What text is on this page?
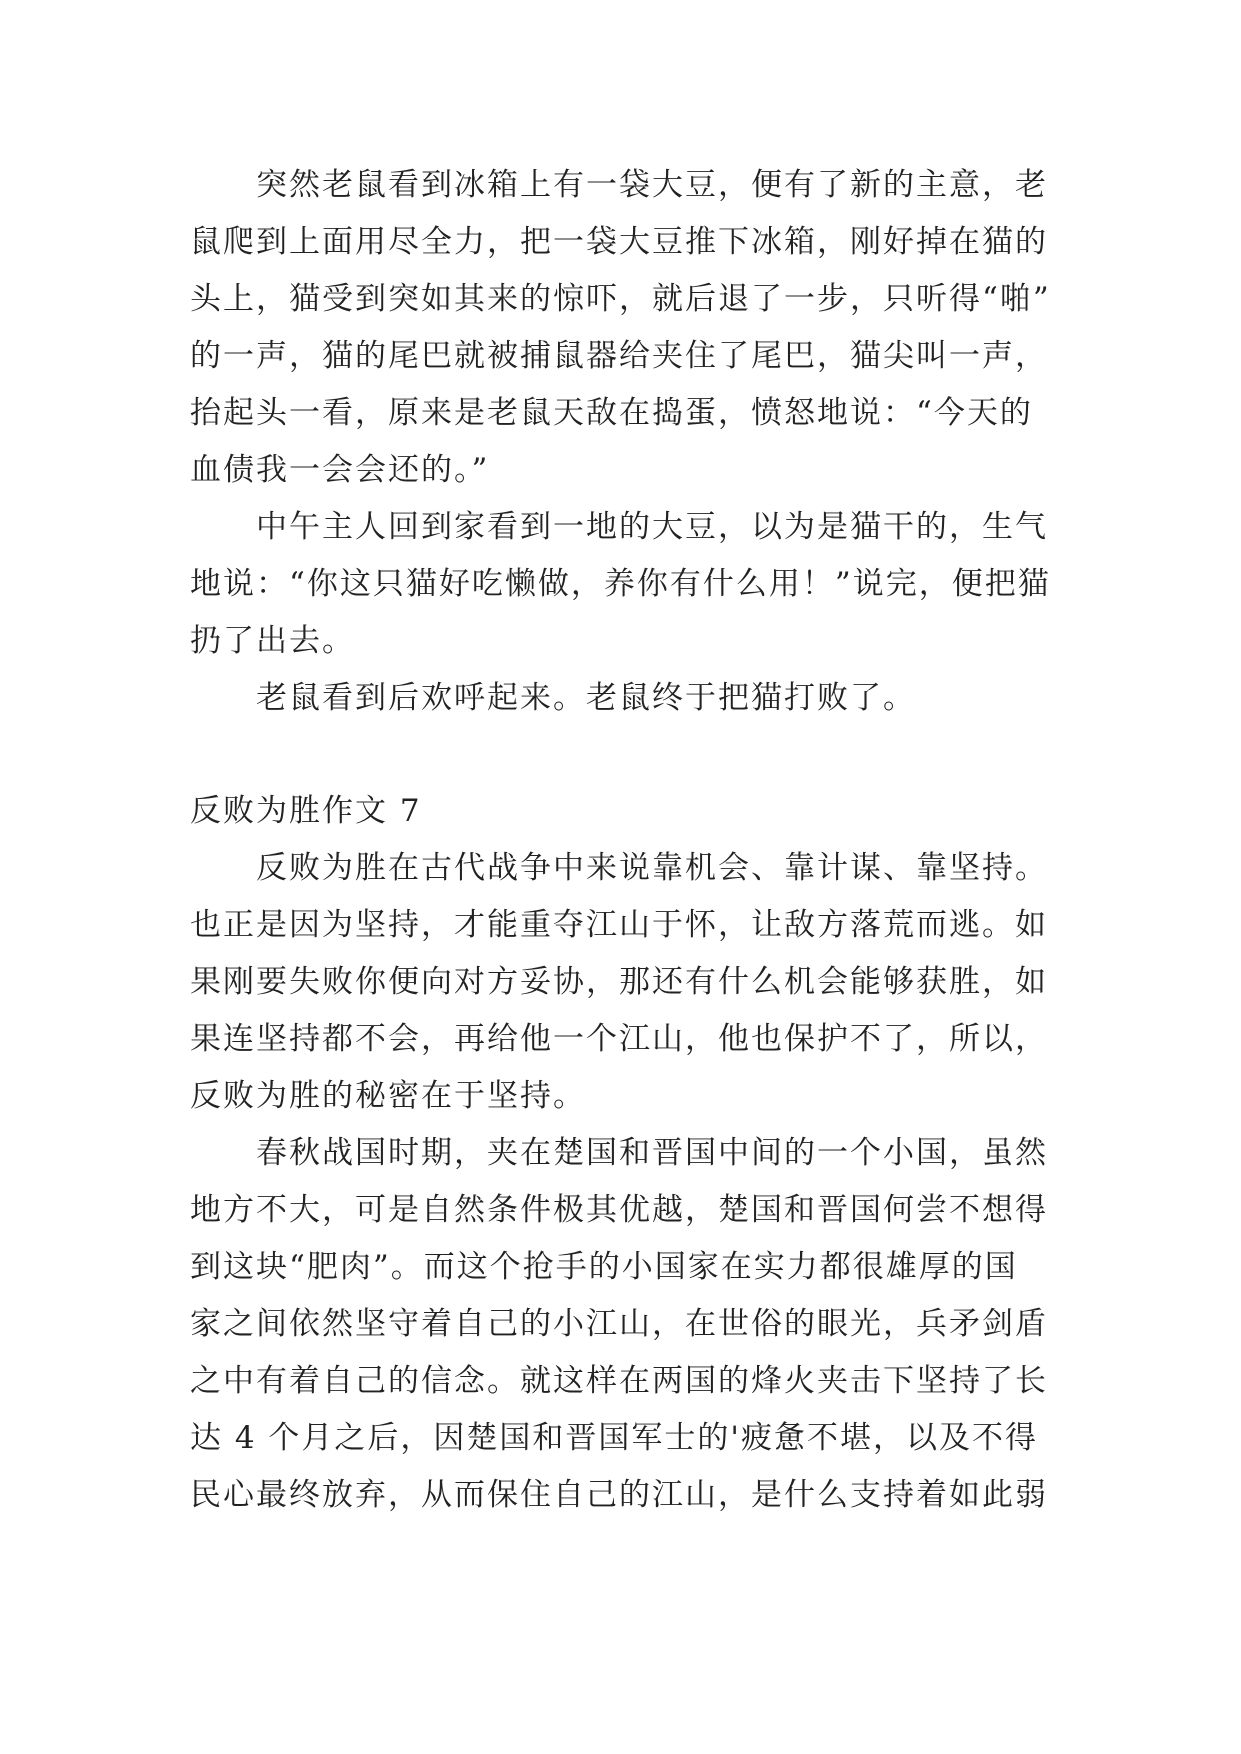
突然老鼠看到冰箱上有一袋大豆，便有了新的主意，老
鼠爬到上面用尽全力，把一袋大豆推下冰箱，刚好掉在猫的
头上，猫受到突如其来的惊吓，就后退了一步，只听得“啪”
的一声，猫的尾巴就被捕鼠器给夹住了尾巴，猫尖叫一声，
抬起头一看，原来是老鼠天敌在捣蛋，愤怒地说：“今天的
血债我一会会还的。”
中午主人回到家看到一地的大豆，以为是猫干的，生气
地说：“你这只猫好吃懒做，养你有什么用！”说完，便把猫
扔了出去。
老鼠看到后欢呼起来。老鼠终于把猫打败了。
反败为胜作文 7
反败为胜在古代战争中来说靠机会、靠计谋、靠坚持。
也正是因为坚持，才能重夺江山于怀，让敌方落荒而逃。如
果刚要失败你便向对方妥协，那还有什么机会能够获胜，如
果连坚持都不会，再给他一个江山，他也保护不了，所以，
反败为胜的秘密在于坚持。
春秋战国时期，夹在楚国和晋国中间的一个小国，虽然
地方不大，可是自然条件极其优越，楚国和晋国何尝不想得
到这块“肥肉”。而这个抢手的小国家在实力都很雄厚的国
家之间依然坚守着自己的小江山，在世俗的眼光，兵矛剑盾
之中有着自己的信念。就这样在两国的烽火夹击下坚持了长
达 4 个月之后，因楚国和晋国军士的'疲惫不堪，以及不得
民心最终放弃，从而保住自己的江山，是什么支持着如此弱
